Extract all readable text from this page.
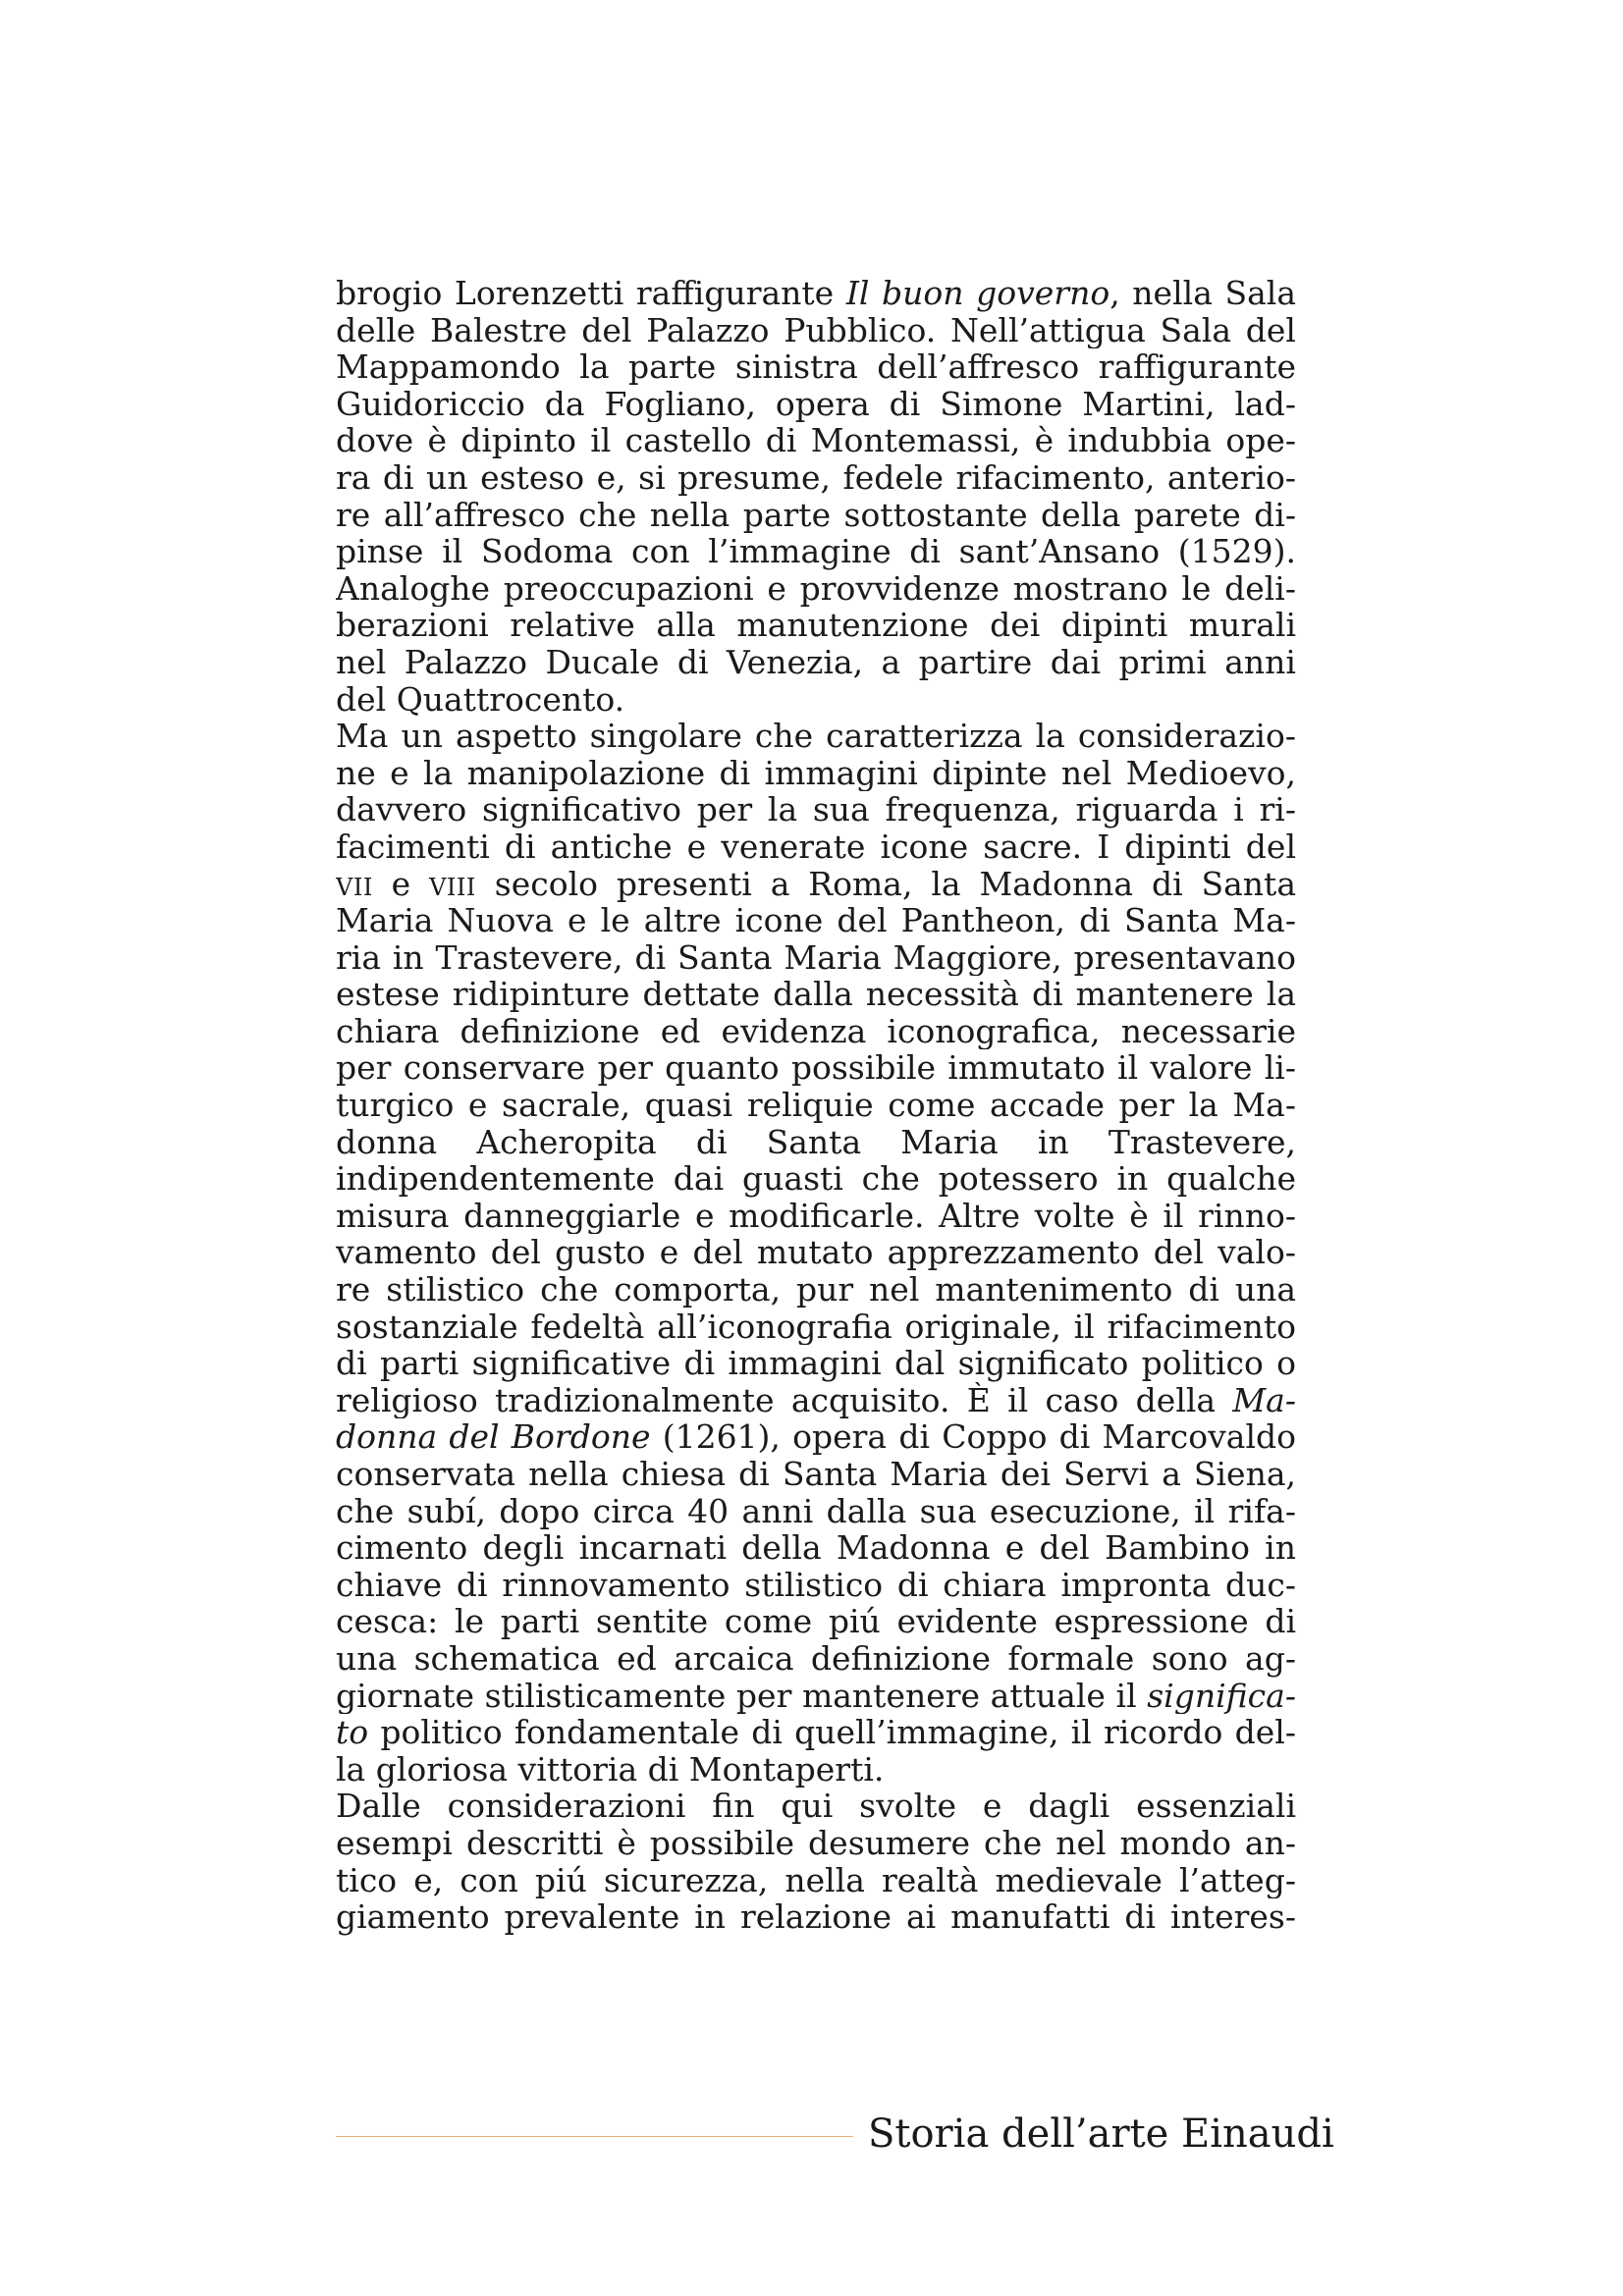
brogio Lorenzetti raffigurante Il buon governo, nella Sala
delle Balestre del Palazzo Pubblico. Nell’attigua Sala del
Mappamondo la parte sinistra dell’affresco raffigurante
Guidoriccio da Fogliano, opera di Simone Martini, lad-
dove è dipinto il castello di Montemassi, è indubbia ope-
ra di un esteso e, si presume, fedele rifacimento, anterio-
re all’affresco che nella parte sottostante della parete di-
pinse il Sodoma con l’immagine di sant’Ansano (1529).
Analoghe preoccupazioni e provvidenze mostrano le deli-
berazioni relative alla manutenzione dei dipinti murali
nel Palazzo Ducale di Venezia, a partire dai primi anni
del Quattrocento.
Ma un aspetto singolare che caratterizza la considerazio-
ne e la manipolazione di immagini dipinte nel Medioevo,
davvero significativo per la sua frequenza, riguarda i ri-
facimenti di antiche e venerate icone sacre. I dipinti del
VII e VIII secolo presenti a Roma, la Madonna di Santa
Maria Nuova e le altre icone del Pantheon, di Santa Ma-
ria in Trastevere, di Santa Maria Maggiore, presentavano
estese ridipinture dettate dalla necessità di mantenere la
chiara definizione ed evidenza iconografica, necessarie
per conservare per quanto possibile immutato il valore li-
turgico e sacrale, quasi reliquie come accade per la Ma-
donna Acheropita di Santa Maria in Trastevere,
indipendentemente dai guasti che potessero in qualche
misura danneggiarle e modificarle. Altre volte è il rinno-
vamento del gusto e del mutato apprezzamento del valo-
re stilistico che comporta, pur nel mantenimento di una
sostanziale fedeltà all’iconografia originale, il rifacimento
di parti significative di immagini dal significato politico o
religioso tradizionalmente acquisito. È il caso della Ma-
donna del Bordone (1261), opera di Coppo di Marcovaldo
conservata nella chiesa di Santa Maria dei Servi a Siena,
che subí, dopo circa 40 anni dalla sua esecuzione, il rifa-
cimento degli incarnati della Madonna e del Bambino in
chiave di rinnovamento stilistico di chiara impronta duc-
cesca: le parti sentite come piú evidente espressione di
una schematica ed arcaica definizione formale sono ag-
giornate stilisticamente per mantenere attuale il significa-
to politico fondamentale di quell’immagine, il ricordo del-
la gloriosa vittoria di Montaperti.
Dalle considerazioni fin qui svolte e dagli essenziali
esempi descritti è possibile desumere che nel mondo an-
tico e, con piú sicurezza, nella realtà medievale l’atteg-
giamento prevalente in relazione ai manufatti di interes-
Storia dell’arte Einaudi
